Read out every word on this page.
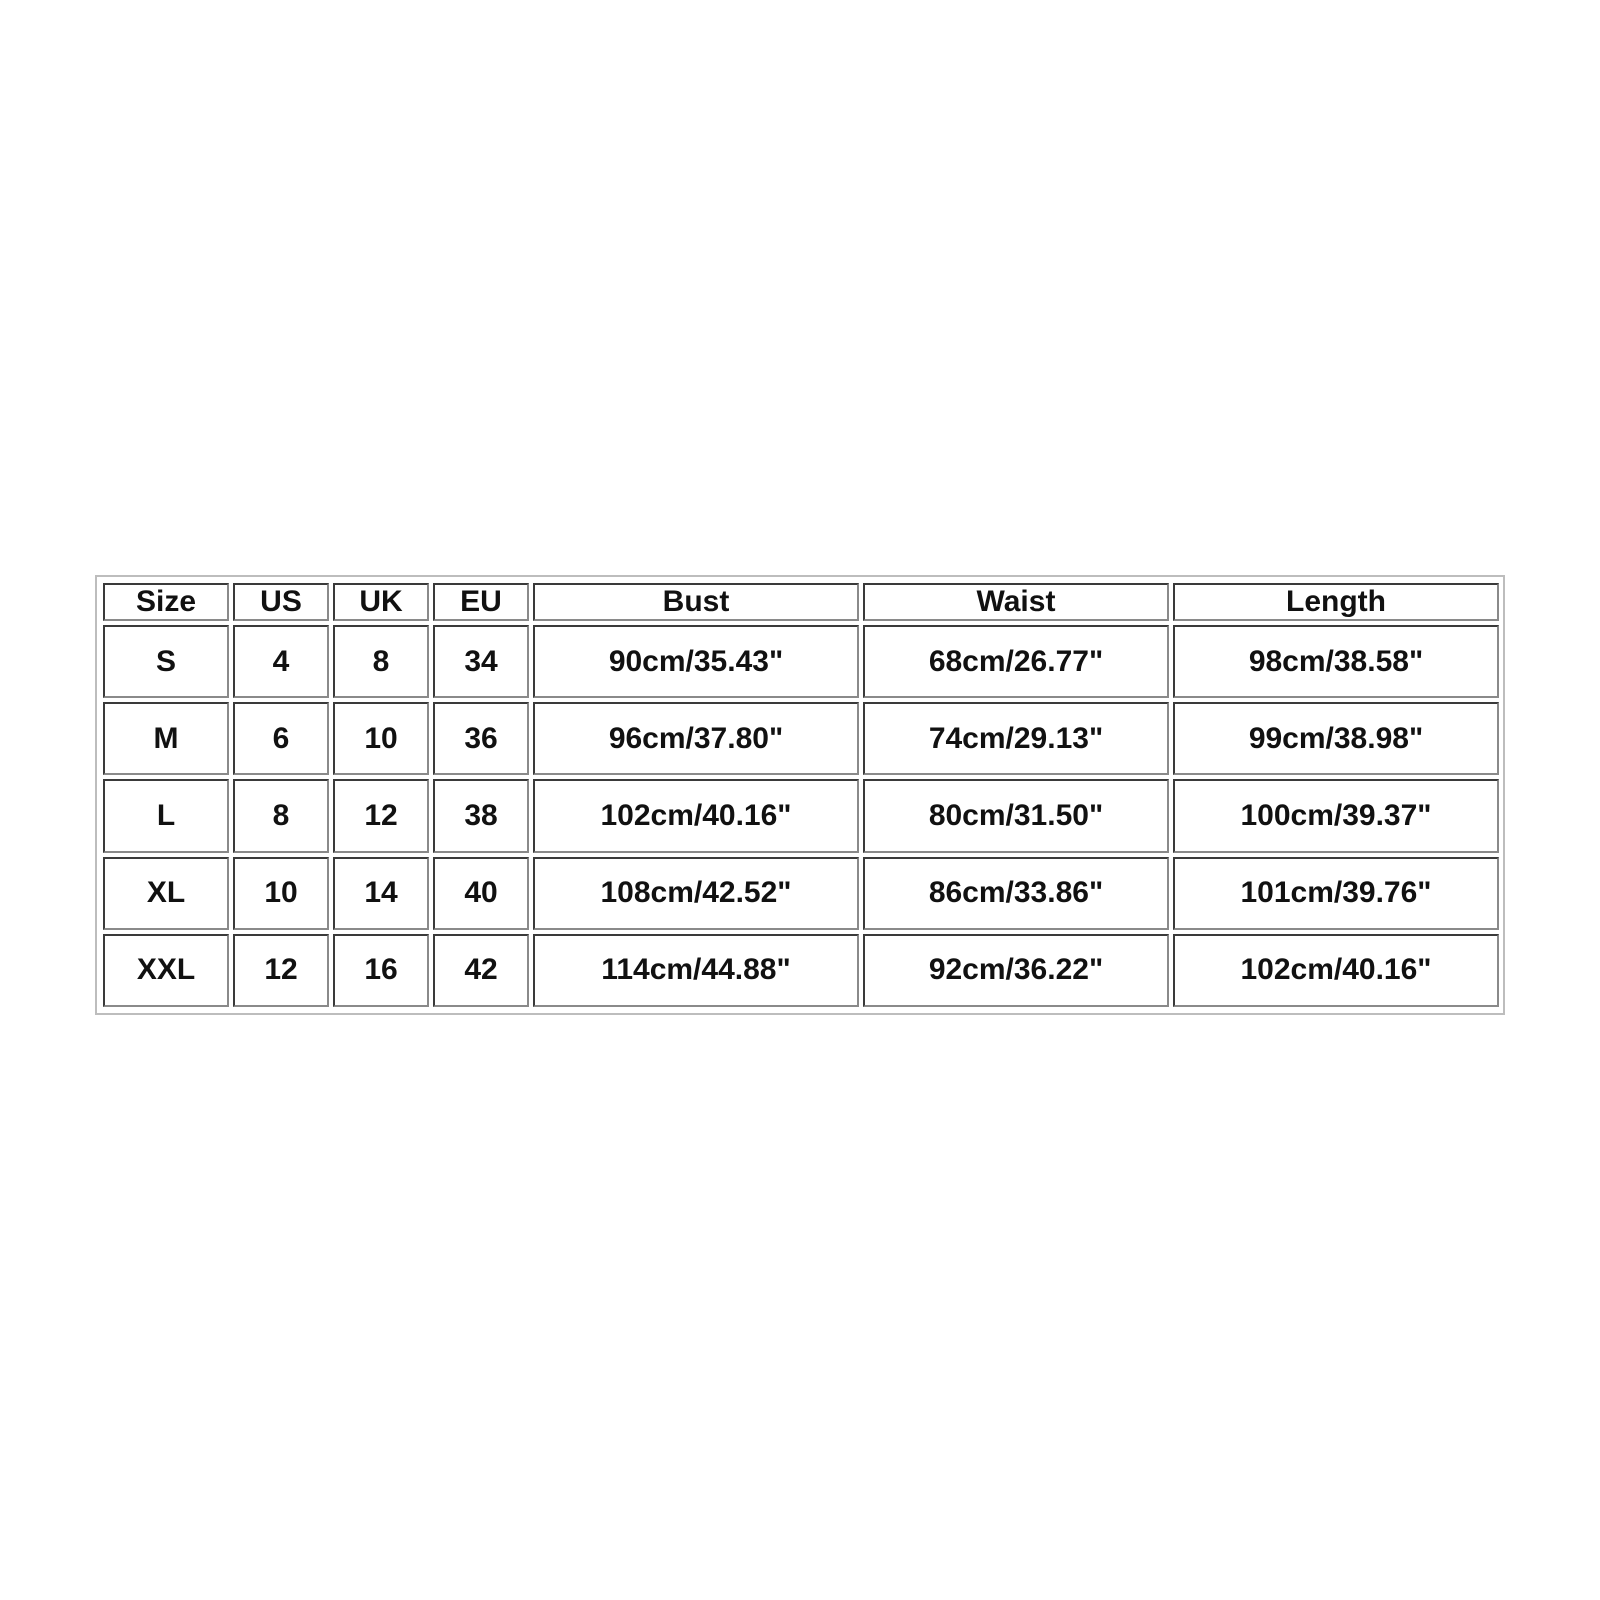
Size	US	UK	EU	Bust	Waist	Length
S	4	8	34	90cm/35.43"	68cm/26.77"	98cm/38.58"
M	6	10	36	96cm/37.80"	74cm/29.13"	99cm/38.98"
L	8	12	38	102cm/40.16"	80cm/31.50"	100cm/39.37"
XL	10	14	40	108cm/42.52"	86cm/33.86"	101cm/39.76"
XXL	12	16	42	114cm/44.88"	92cm/36.22"	102cm/40.16"
